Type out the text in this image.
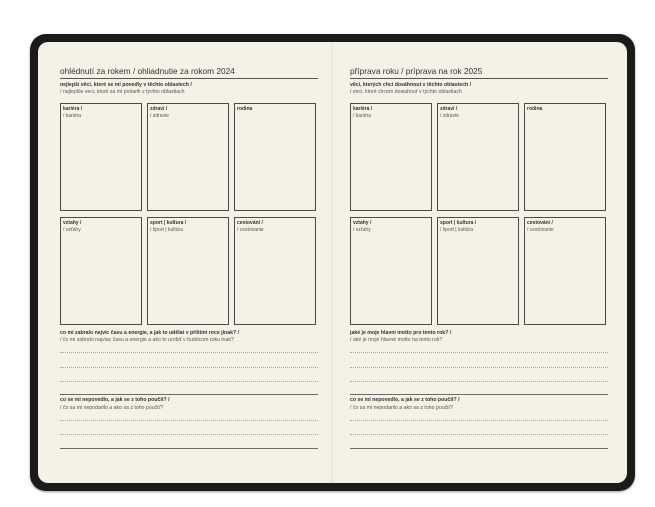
ohlédnutí za rokem / ohliadnutie za rokom 2024
nejlepší věci, které se mi povedly v těchto oblastech /
/ najlepšie veci, ktoré sa mi podarili v týchto oblastiach
kariéra /
/ kariéra
zdraví /
/ zdravie
rodina
vztahy /
/ vzťahy
sport | kultura /
/ šport | kultúra
cestování /
/ cestovanie
co mi zabralo nejvíc času a energie, a jak to udělat v příštím roce jinak? /
/ čo mi zabralo najviac času a energie a ako to urobiť v budúcom roku inak?
co se mi nepovedlo, a jak se z toho poučit? /
/ čo sa mi nepodarilo a ako sa z toho poučiť?
příprava roku / príprava na rok 2025
věci, kterých chci dosáhnout v těchto oblastech /
/ veci, ktoré chcem dosiahnuť v týchto oblastiach
kariéra /
/ kariéra
zdraví /
/ zdravie
rodina
vztahy /
/ vzťahy
sport | kultura /
/ šport | kultúra
cestování /
/ cestovanie
jaké je moje hlavní motto pro tento rok? /
/ aké je moje hlavné motto na tento rok?
co se mi nepovedlo, a jak se z toho poučit? /
/ čo sa mi nepodarilo a ako sa z toho poučiť?
